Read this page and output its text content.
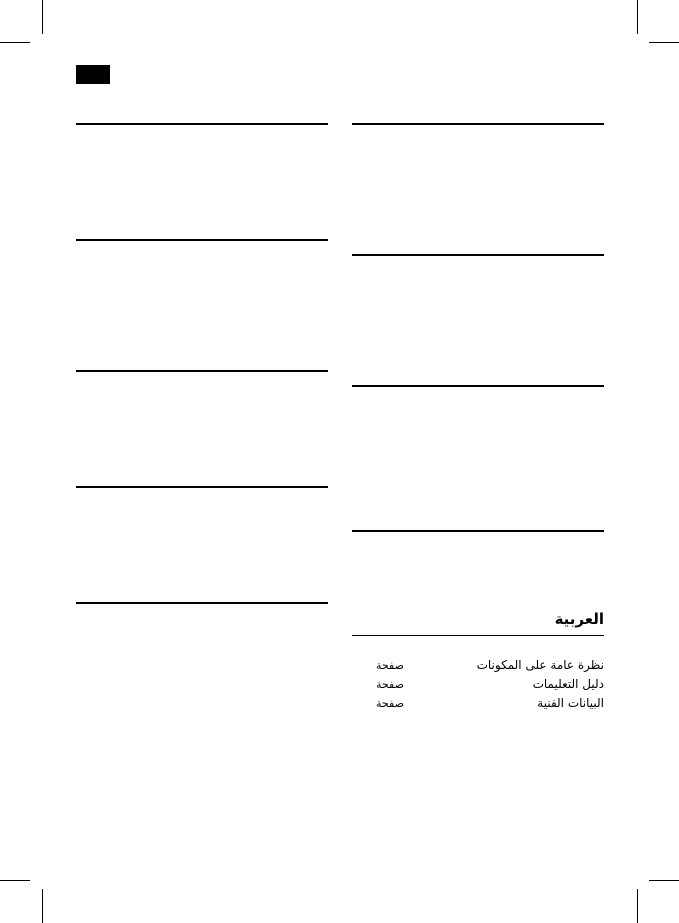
العربية
نظرة عامة على المكونات
صفحة
دليل التعليمات
صفحة
البيانات الفنية
صفحة
